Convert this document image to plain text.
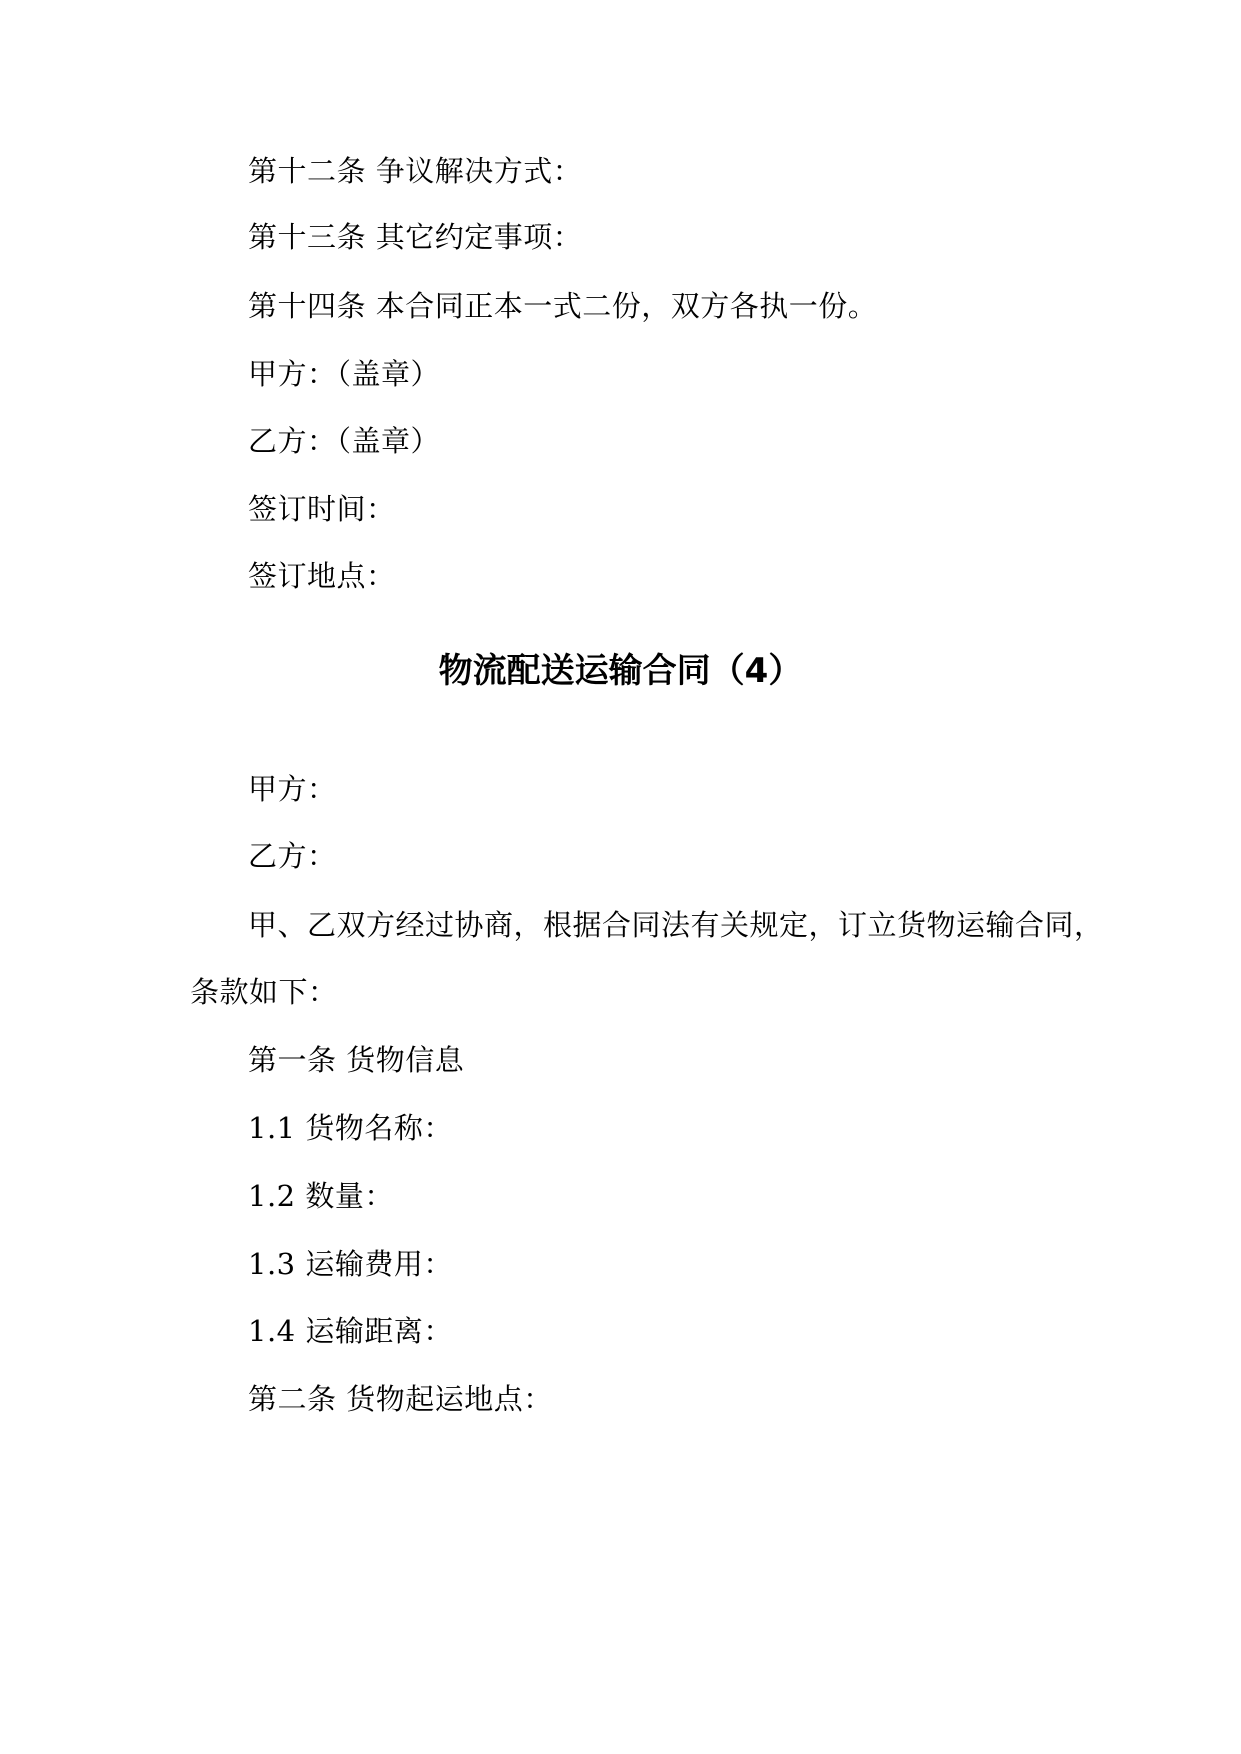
第十二条 争议解决方式：
第十三条 其它约定事项：
第十四条 本合同正本一式二份，双方各执一份。
甲方：（盖章）
乙方：（盖章）
签订时间：
签订地点：
物流配送运输合同（4）
甲方：
乙方：
甲、乙双方经过协商，根据合同法有关规定，订立货物运输合同，
条款如下：
第一条 货物信息
1.1 货物名称：
1.2 数量：
1.3 运输费用：
1.4 运输距离：
第二条 货物起运地点：
